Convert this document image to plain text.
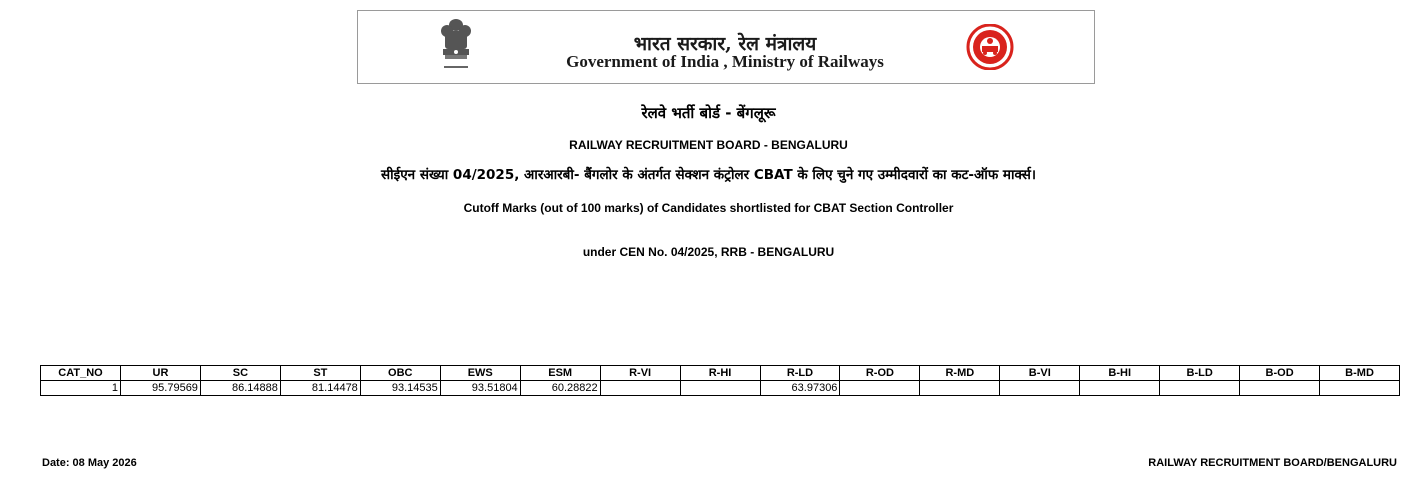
भारत सरकार, रेल मंत्रालय
Government of India , Ministry of Railways
रेलवे भर्ती बोर्ड - बेंगलूरू
RAILWAY RECRUITMENT BOARD - BENGALURU
सीईएन संख्या 04/2025, आरआरबी- बैंगलोर के अंतर्गत सेक्शन कंट्रोलर CBAT के लिए चुने गए उम्मीदवारों का कट-ऑफ मार्क्स।
Cutoff Marks (out of 100 marks) of Candidates shortlisted for CBAT Section Controller
under CEN No. 04/2025, RRB - BENGALURU
CAT_NO	UR	SC	ST	OBC	EWS	ESM	R-VI	R-HI	R-LD	R-OD	R-MD	B-VI	B-HI	B-LD	B-OD	B-MD
1	95.79569	86.14888	81.14478	93.14535	93.51804	60.28822			63.97306							
Date: 08 May 2026	RAILWAY RECRUITMENT BOARD/BENGALURU
